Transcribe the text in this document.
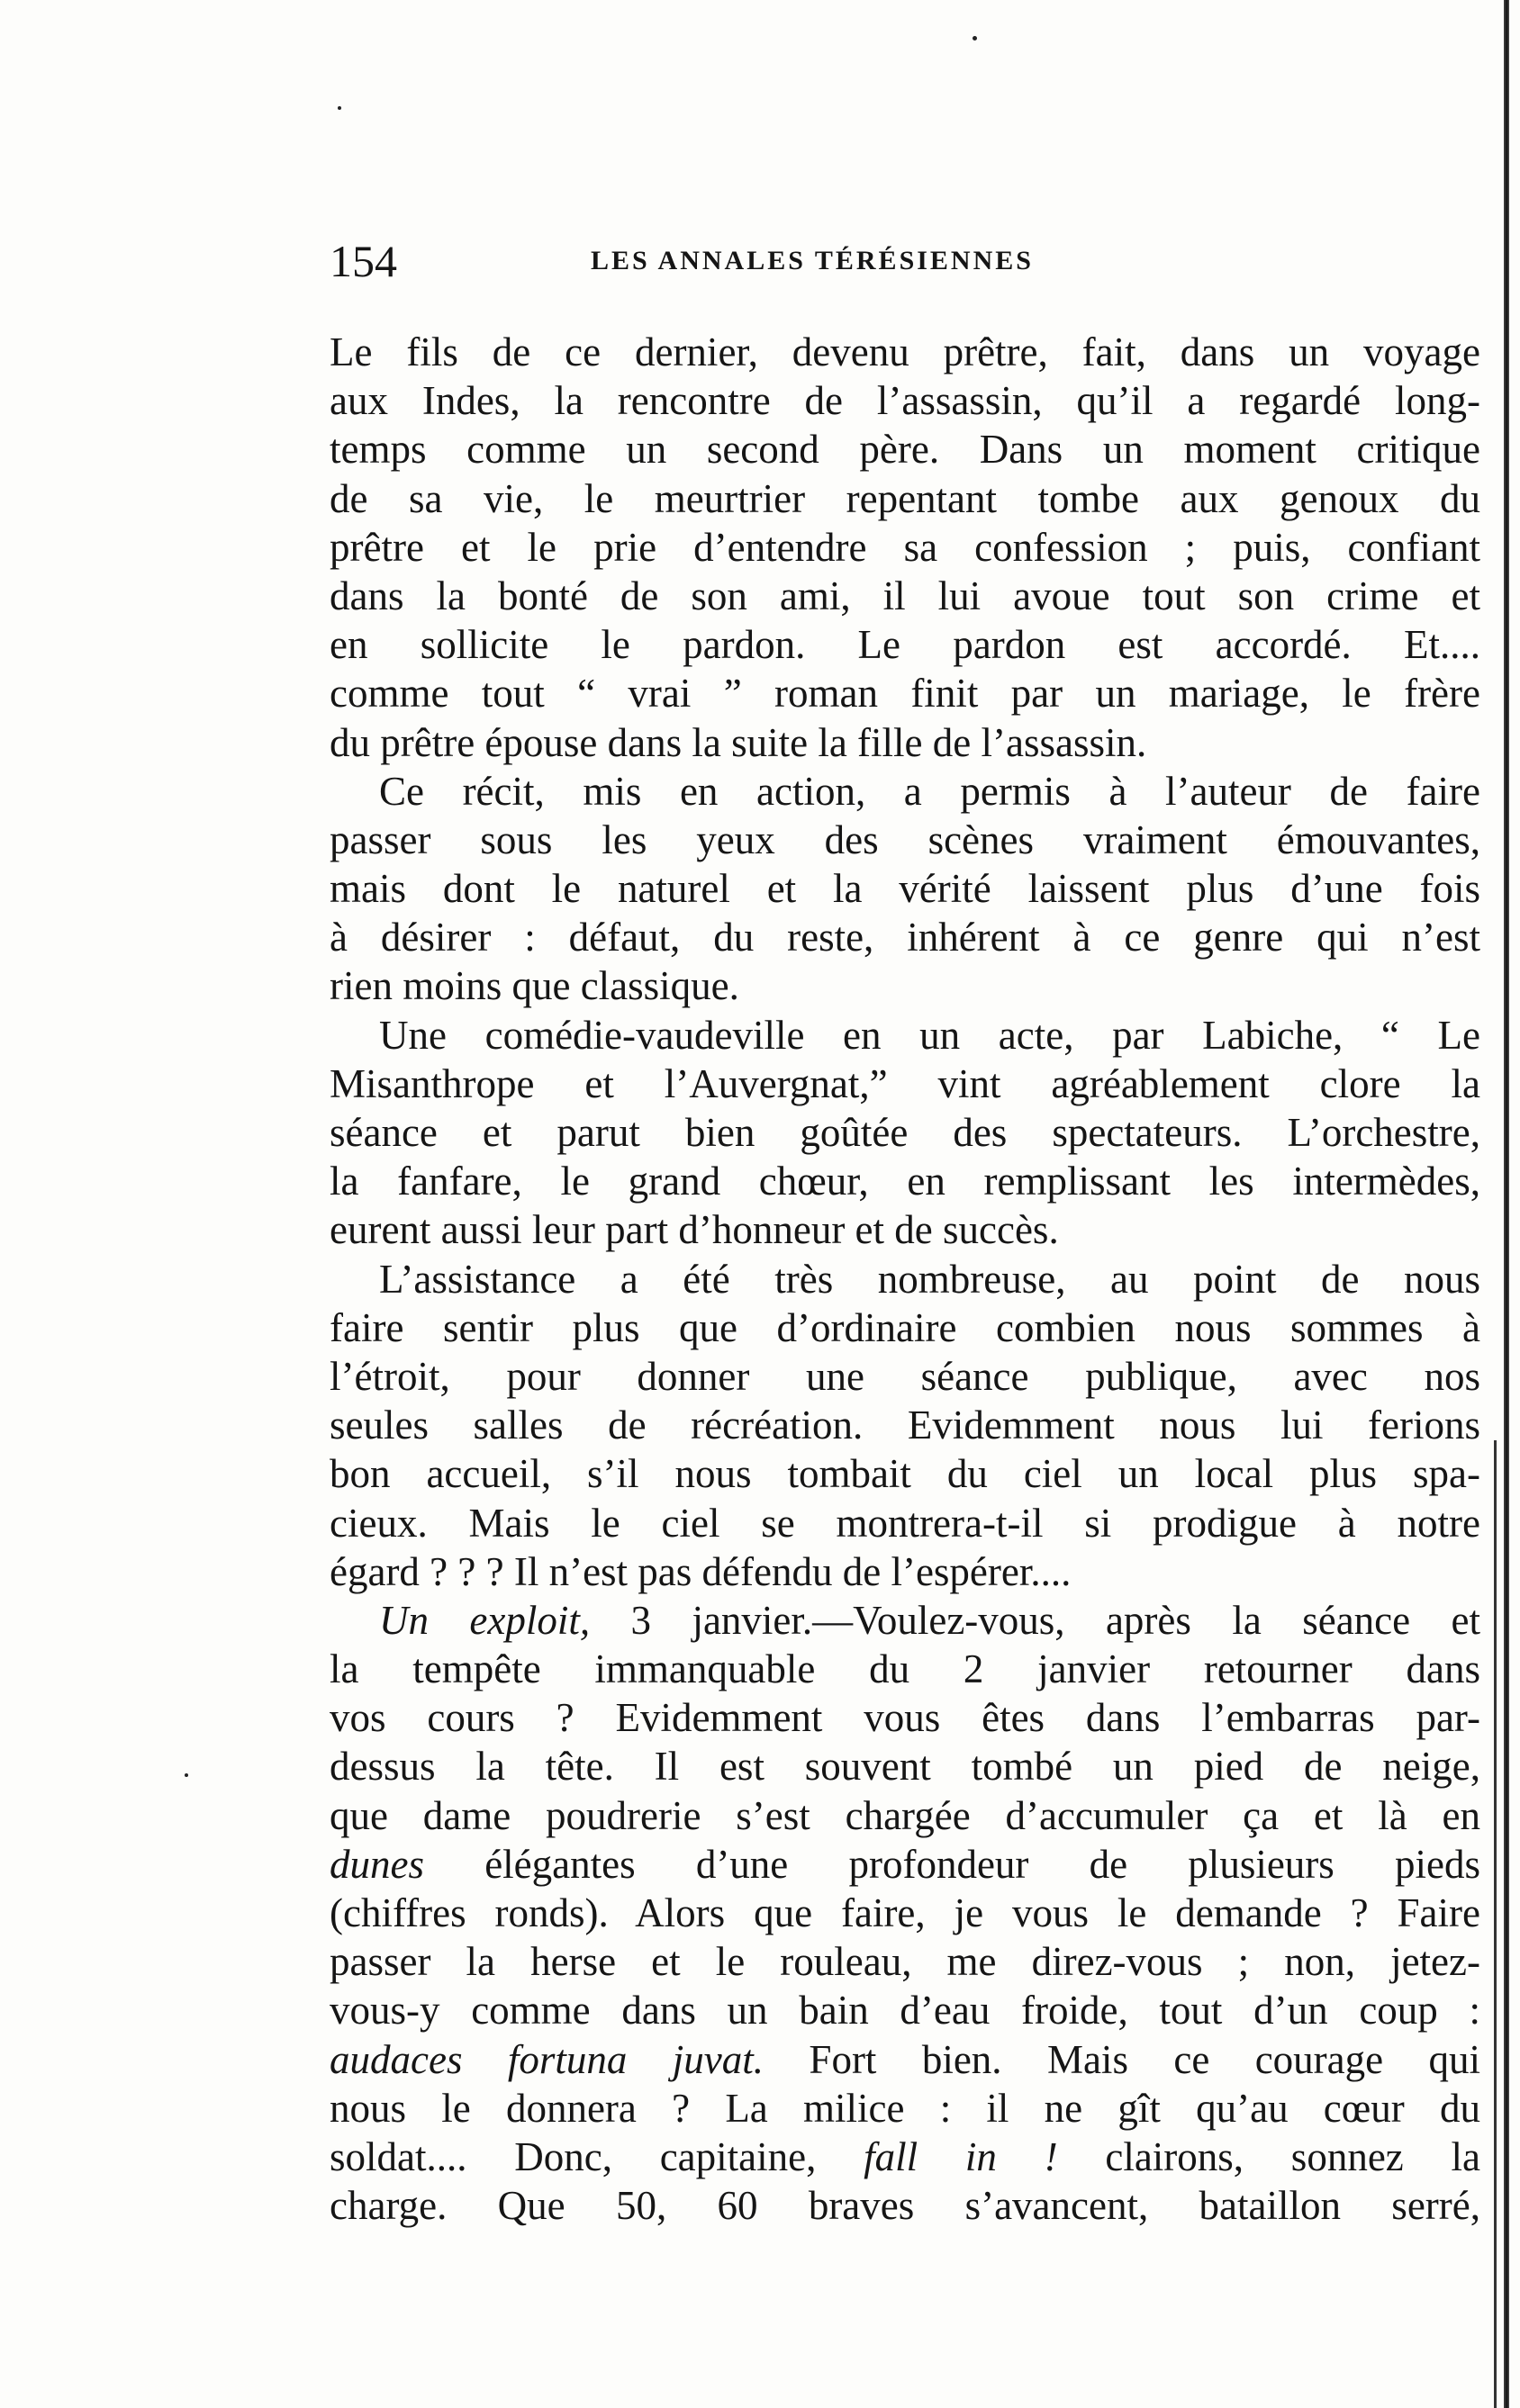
154	LES ANNALES TÉRÉSIENNES
Le fils de ce dernier, devenu prêtre, fait, dans un voyage
aux Indes, la rencontre de l’assassin, qu’il a regardé long-
temps comme un second père. Dans un moment critique
de sa vie, le meurtrier repentant tombe aux genoux du
prêtre et le prie d’entendre sa confession ; puis, confiant
dans la bonté de son ami, il lui avoue tout son crime et
en sollicite le pardon. Le pardon est accordé. Et....
comme tout “ vrai ” roman finit par un mariage, le frère
du prêtre épouse dans la suite la fille de l’assassin.
Ce récit, mis en action, a permis à l’auteur de faire
passer sous les yeux des scènes vraiment émouvantes,
mais dont le naturel et la vérité laissent plus d’une fois
à désirer : défaut, du reste, inhérent à ce genre qui n’est
rien moins que classique.
Une comédie-vaudeville en un acte, par Labiche, “ Le
Misanthrope et l’Auvergnat,” vint agréablement clore la
séance et parut bien goûtée des spectateurs. L’orchestre,
la fanfare, le grand chœur, en remplissant les intermèdes,
eurent aussi leur part d’honneur et de succès.
L’assistance a été très nombreuse, au point de nous
faire sentir plus que d’ordinaire combien nous sommes à
l’étroit, pour donner une séance publique, avec nos
seules salles de récréation. Evidemment nous lui ferions
bon accueil, s’il nous tombait du ciel un local plus spa-
cieux. Mais le ciel se montrera-t-il si prodigue à notre
égard ? ? ? Il n’est pas défendu de l’espérer....
Un exploit, 3 janvier.—Voulez-vous, après la séance et
la tempête immanquable du 2 janvier retourner dans
vos cours ? Evidemment vous êtes dans l’embarras par-
dessus la tête. Il est souvent tombé un pied de neige,
que dame poudrerie s’est chargée d’accumuler ça et là en
dunes élégantes d’une profondeur de plusieurs pieds
(chiffres ronds). Alors que faire, je vous le demande ? Faire
passer la herse et le rouleau, me direz-vous ; non, jetez-
vous-y comme dans un bain d’eau froide, tout d’un coup :
audaces fortuna juvat. Fort bien. Mais ce courage qui
nous le donnera ? La milice : il ne gît qu’au cœur du
soldat.... Donc, capitaine, fall in ! clairons, sonnez la
charge. Que 50, 60 braves s’avancent, bataillon serré,
